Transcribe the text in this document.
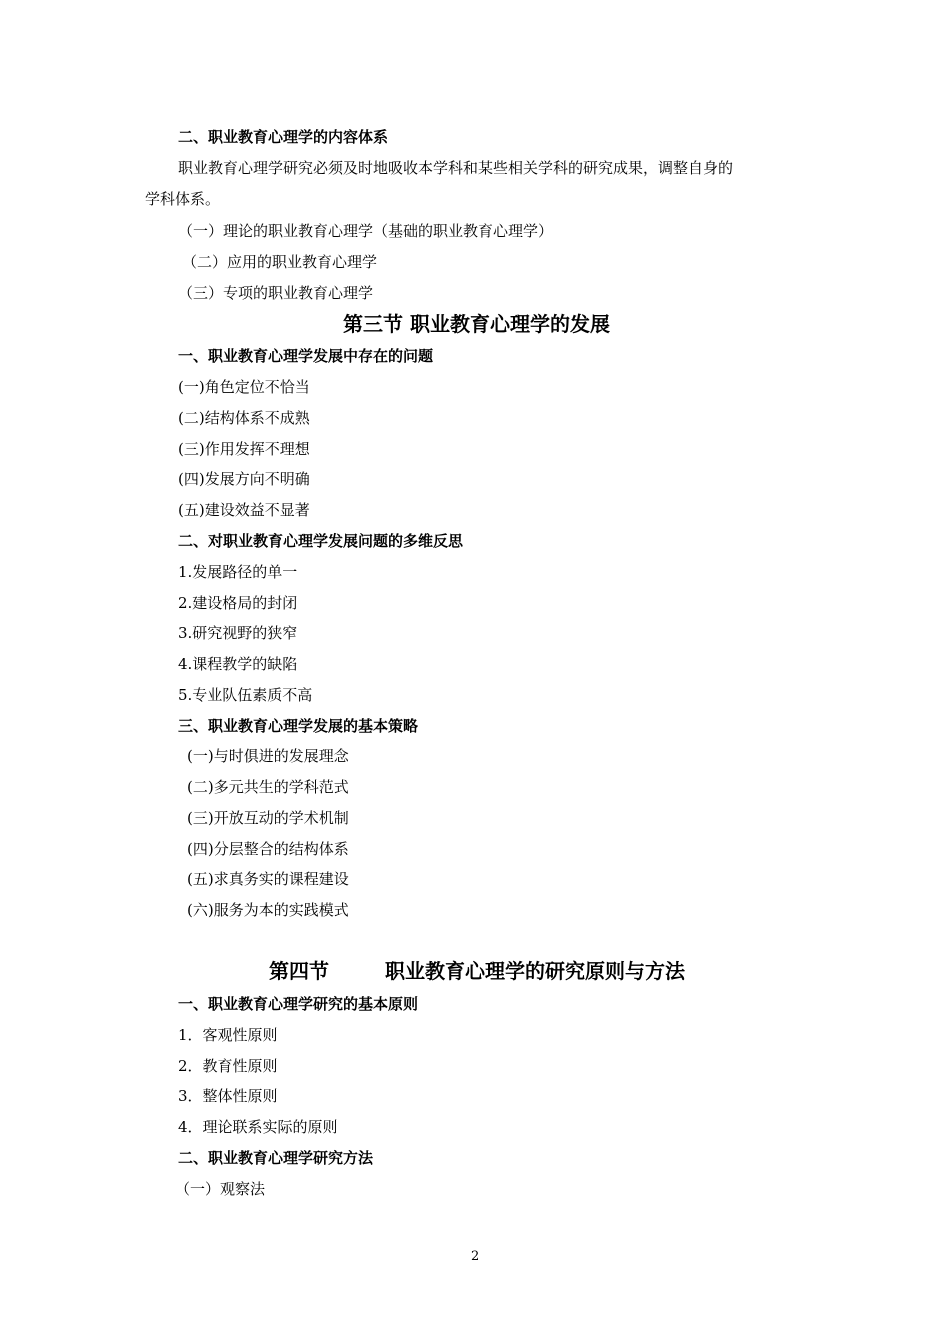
二、职业教育心理学的内容体系
职业教育心理学研究必须及时地吸收本学科和某些相关学科的研究成果，调整自身的
学科体系。
（一）理论的职业教育心理学（基础的职业教育心理学）
（二）应用的职业教育心理学
（三）专项的职业教育心理学
第三节 职业教育心理学的发展
一、职业教育心理学发展中存在的问题
(一)角色定位不恰当
(二)结构体系不成熟
(三)作用发挥不理想
(四)发展方向不明确
(五)建设效益不显著
二、对职业教育心理学发展问题的多维反思
1.发展路径的单一
2.建设格局的封闭
3.研究视野的狭窄
4.课程教学的缺陷
5.专业队伍素质不高
三、职业教育心理学发展的基本策略
(一)与时俱进的发展理念
(二)多元共生的学科范式
(三)开放互动的学术机制
(四)分层整合的结构体系
(五)求真务实的课程建设
(六)服务为本的实践模式
第四节	职业教育心理学的研究原则与方法
一、职业教育心理学研究的基本原则
1．客观性原则
2．教育性原则
3．整体性原则
4．理论联系实际的原则
二、职业教育心理学研究方法
（一）观察法
2
